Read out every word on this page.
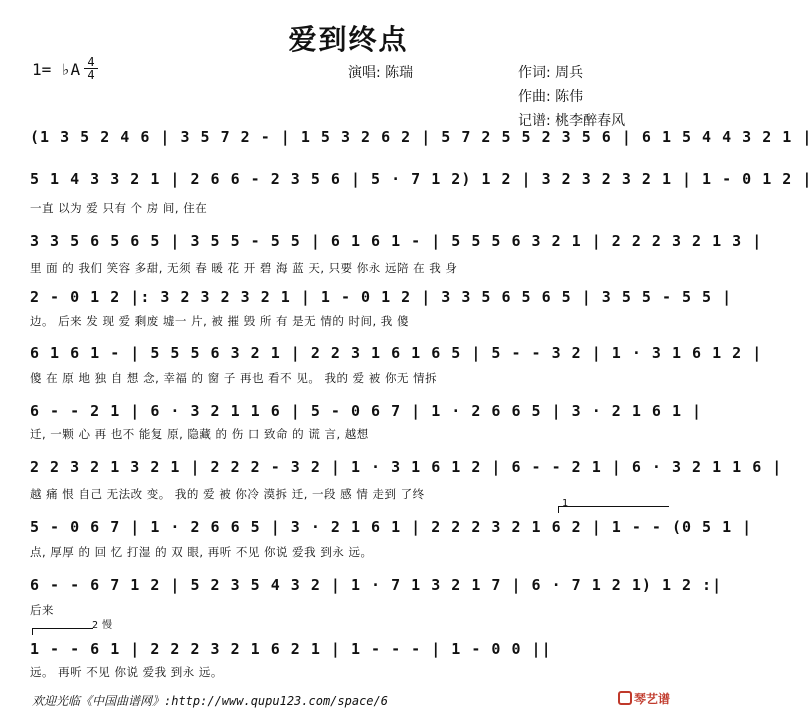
爱到终点
1= ♭A $\frac{4}{4}$	演唱: 陈瑞	作词: 周兵
作曲: 陈伟
记谱: 桃李醉春风
(1 3 5 2 4 6 | 3 5 7 2 - | 1 5 3 2 6 2 | 5 7 2 5 5 2 3 5 6 | 6 1 5 4 4 3 2 1 |
5 1 4 3 3 2 1 | 2 6 6 - 2 3 5 6 | 5 · 7 1 2) 1 2 | 3 2 3 2 3 2 1 | 1 - 0 1 2 |
一直 以为 爱 只有 个 房 间, 住在
3 3 5 6 5 6 5 | 3 5 5 - 5 5 | 6 1 6 1 - | 5 5 5 6 3 2 1 | 2 2 2 3 2 1 3 |
里 面 的 我们 笑容 多甜, 无须 春 暖 花 开 碧 海 蓝 天, 只要 你永 远陪 在 我 身
2 - 0 1 2 |: 3 2 3 2 3 2 1 | 1 - 0 1 2 | 3 3 5 6 5 6 5 | 3 5 5 - 5 5 |
边。 后来 发 现 爱 剩废 墟一 片, 被 摧 毁 所 有 是无 情的 时间, 我 傻
6 1 6 1 - | 5 5 5 6 3 2 1 | 2 2 3 1 6 1 6 5 | 5 - - 3 2 | 1 · 3 1 6 1 2 |
傻 在 原 地 独 自 想 念, 幸福 的 窗 子 再也 看不 见。 我的 爱 被 你无 情拆
6 - - 2 1 | 6 · 3 2 1 1 6 | 5 - 0 6 7 | 1 · 2 6 6 5 | 3 · 2 1 6 1 |
迁, 一颗 心 再 也不 能复 原, 隐藏 的 伤 口 致命 的 谎 言, 越想
2 2 3 2 1 3 2 1 | 2 2 2 - 3 2 | 1 · 3 1 6 1 2 | 6 - - 2 1 | 6 · 3 2 1 1 6 |
越 痛 恨 自己 无法改 变。 我的 爱 被 你冷 漠拆 迁, 一段 感 情 走到 了终
1
5 - 0 6 7 | 1 · 2 6 6 5 | 3 · 2 1 6 1 | 2 2 2 3 2 1 6 2 | 1 - - (0 5 1 |
点, 厚厚 的 回 忆 打湿 的 双 眼, 再听 不见 你说 爱我 到永 远。
6 - - 6 7 1 2 | 5 2 3 5 4 3 2 | 1 · 7 1 3 2 1 7 | 6 · 7 1 2 1) 1 2 :|
后来
2 慢
1 - - 6 1 | 2 2 2 3 2 1 6 2 1 | 1 - - - | 1 - 0 0 ||
远。 再听 不见 你说 爱我 到永 远。
欢迎光临《中国曲谱网》:http://www.qupu123.com/space/6	琴艺谱
